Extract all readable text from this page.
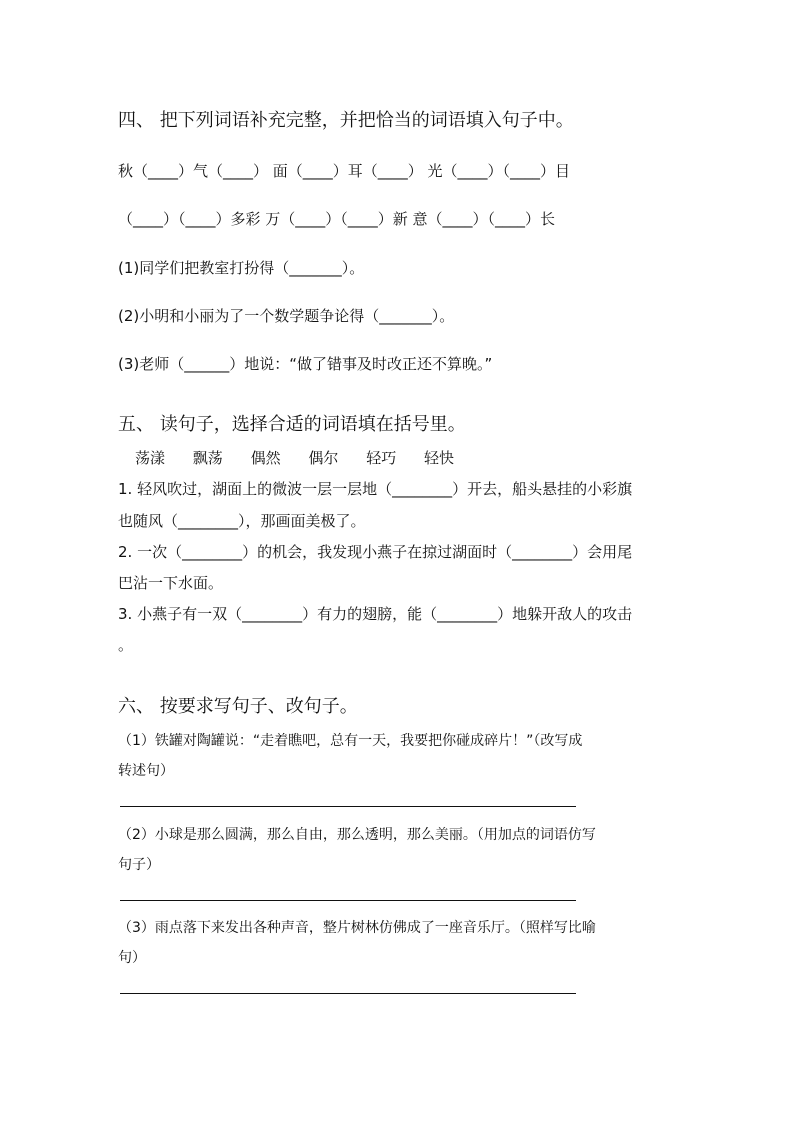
四、 把下列词语补充完整，并把恰当的词语填入句子中。
秋（____）气（____） 面（____）耳（____） 光（____）（____）目
（____）（____）多彩 万（____）（____）新 意（____）（____）长
(1)同学们把教室打扮得（_______）。
(2)小明和小丽为了一个数学题争论得（_______）。
(3)老师（______）地说：“做了错事及时改正还不算晚。”
五、 读句子，选择合适的词语填在括号里。
荡漾 飘荡 偶然 偶尔 轻巧 轻快
1. 轻风吹过，湖面上的微波一层一层地（________）开去，船头悬挂的小彩旗
也随风（________），那画面美极了。
2. 一次（________）的机会，我发现小燕子在掠过湖面时（________）会用尾
巴沾一下水面。
3. 小燕子有一双（________）有力的翅膀，能（________）地躲开敌人的攻击
。
六、 按要求写句子、改句子。
（1）铁罐对陶罐说：“走着瞧吧，总有一天，我要把你碰成碎片！”（改写成
转述句）
（2）小球是那么圆满，那么自由，那么透明，那么美丽。（用加点的词语仿写
句子）
（3）雨点落下来发出各种声音，整片树林仿佛成了一座音乐厅。（照样写比喻
句）
